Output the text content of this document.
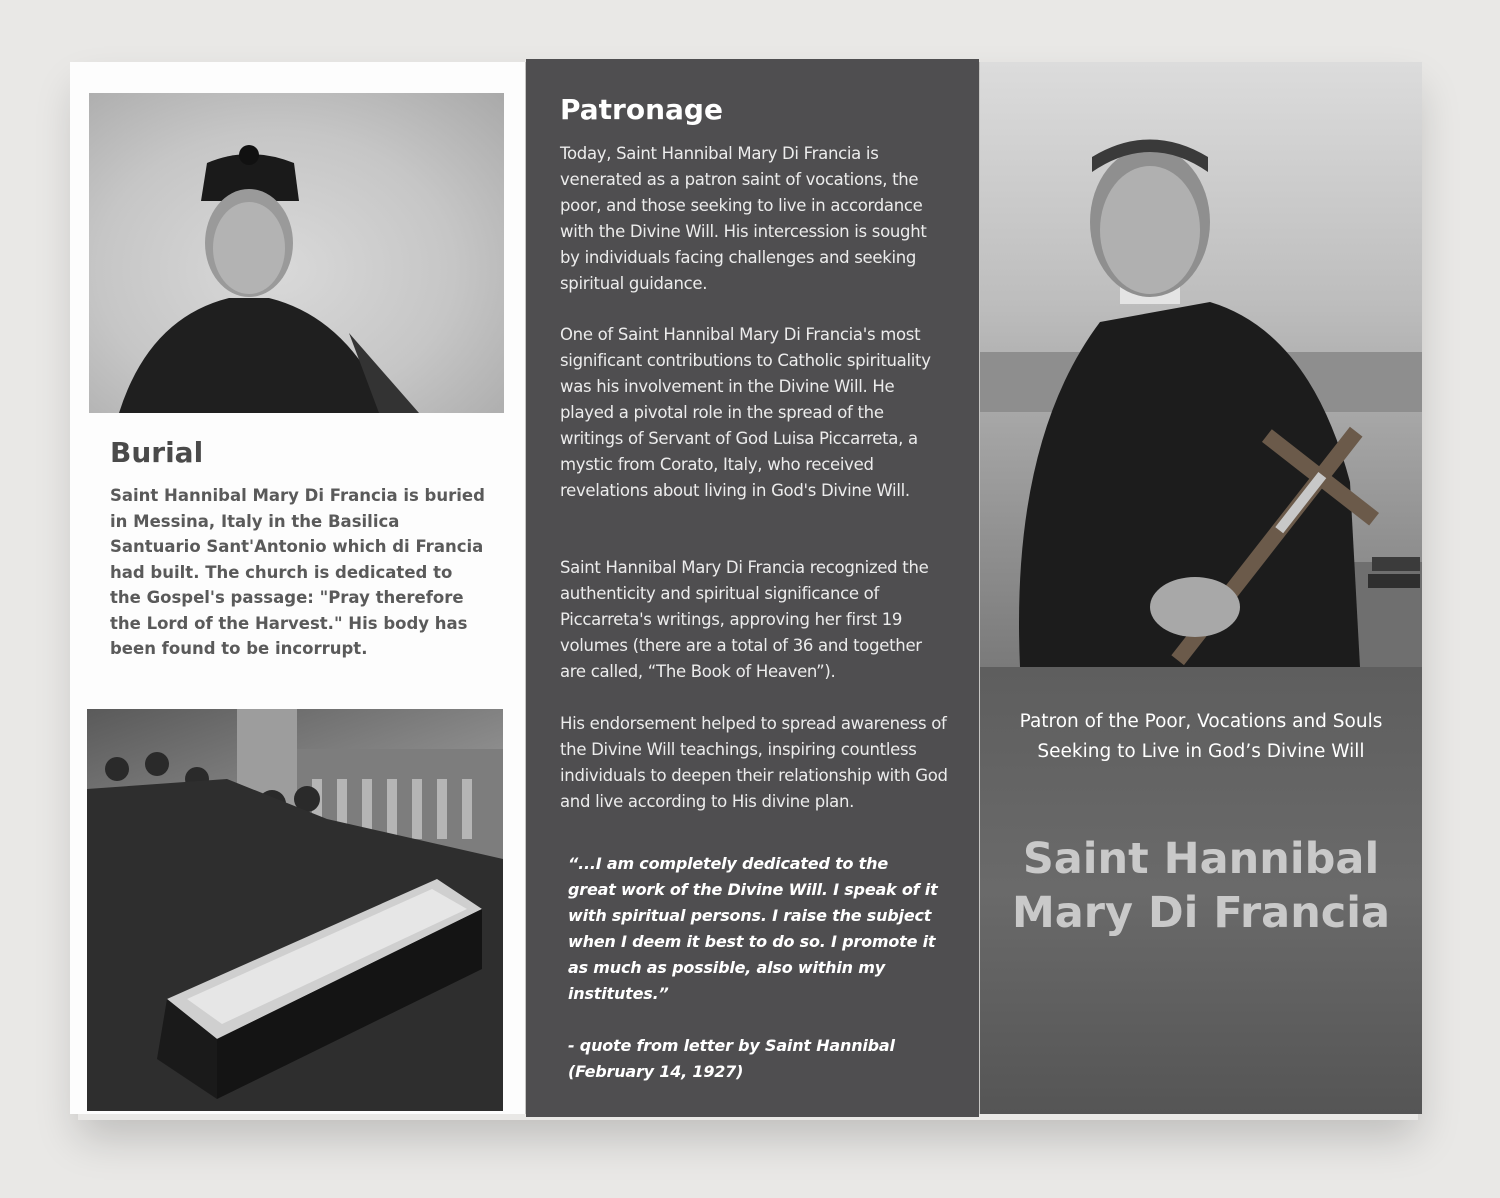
Burial
Saint Hannibal Mary Di Francia is buried in Messina, Italy in the Basilica Santuario Sant'Antonio which di Francia had built. The church is dedicated to the Gospel's passage: "Pray therefore the Lord of the Harvest." His body has been found to be incorrupt.
Patronage
Today, Saint Hannibal Mary Di Francia is venerated as a patron saint of vocations, the poor, and those seeking to live in accordance with the Divine Will. His intercession is sought by individuals facing challenges and seeking spiritual guidance.
One of Saint Hannibal Mary Di Francia's most significant contributions to Catholic spirituality was his involvement in the Divine Will. He played a pivotal role in the spread of the writings of Servant of God Luisa Piccarreta, a mystic from Corato, Italy, who received revelations about living in God's Divine Will.
Saint Hannibal Mary Di Francia recognized the authenticity and spiritual significance of Piccarreta's writings, approving her first 19 volumes (there are a total of 36 and together are called, “The Book of Heaven”).
His endorsement helped to spread awareness of the Divine Will teachings, inspiring countless individuals to deepen their relationship with God and live according to His divine plan.
“...I am completely dedicated to the great work of the Divine Will. I speak of it with spiritual persons. I raise the subject when I deem it best to do so. I promote it as much as possible, also within my institutes.”
- quote from letter by Saint Hannibal (February 14, 1927)
Patron of the Poor, Vocations and Souls Seeking to Live in God’s Divine Will
Saint Hannibal
Mary Di Francia
